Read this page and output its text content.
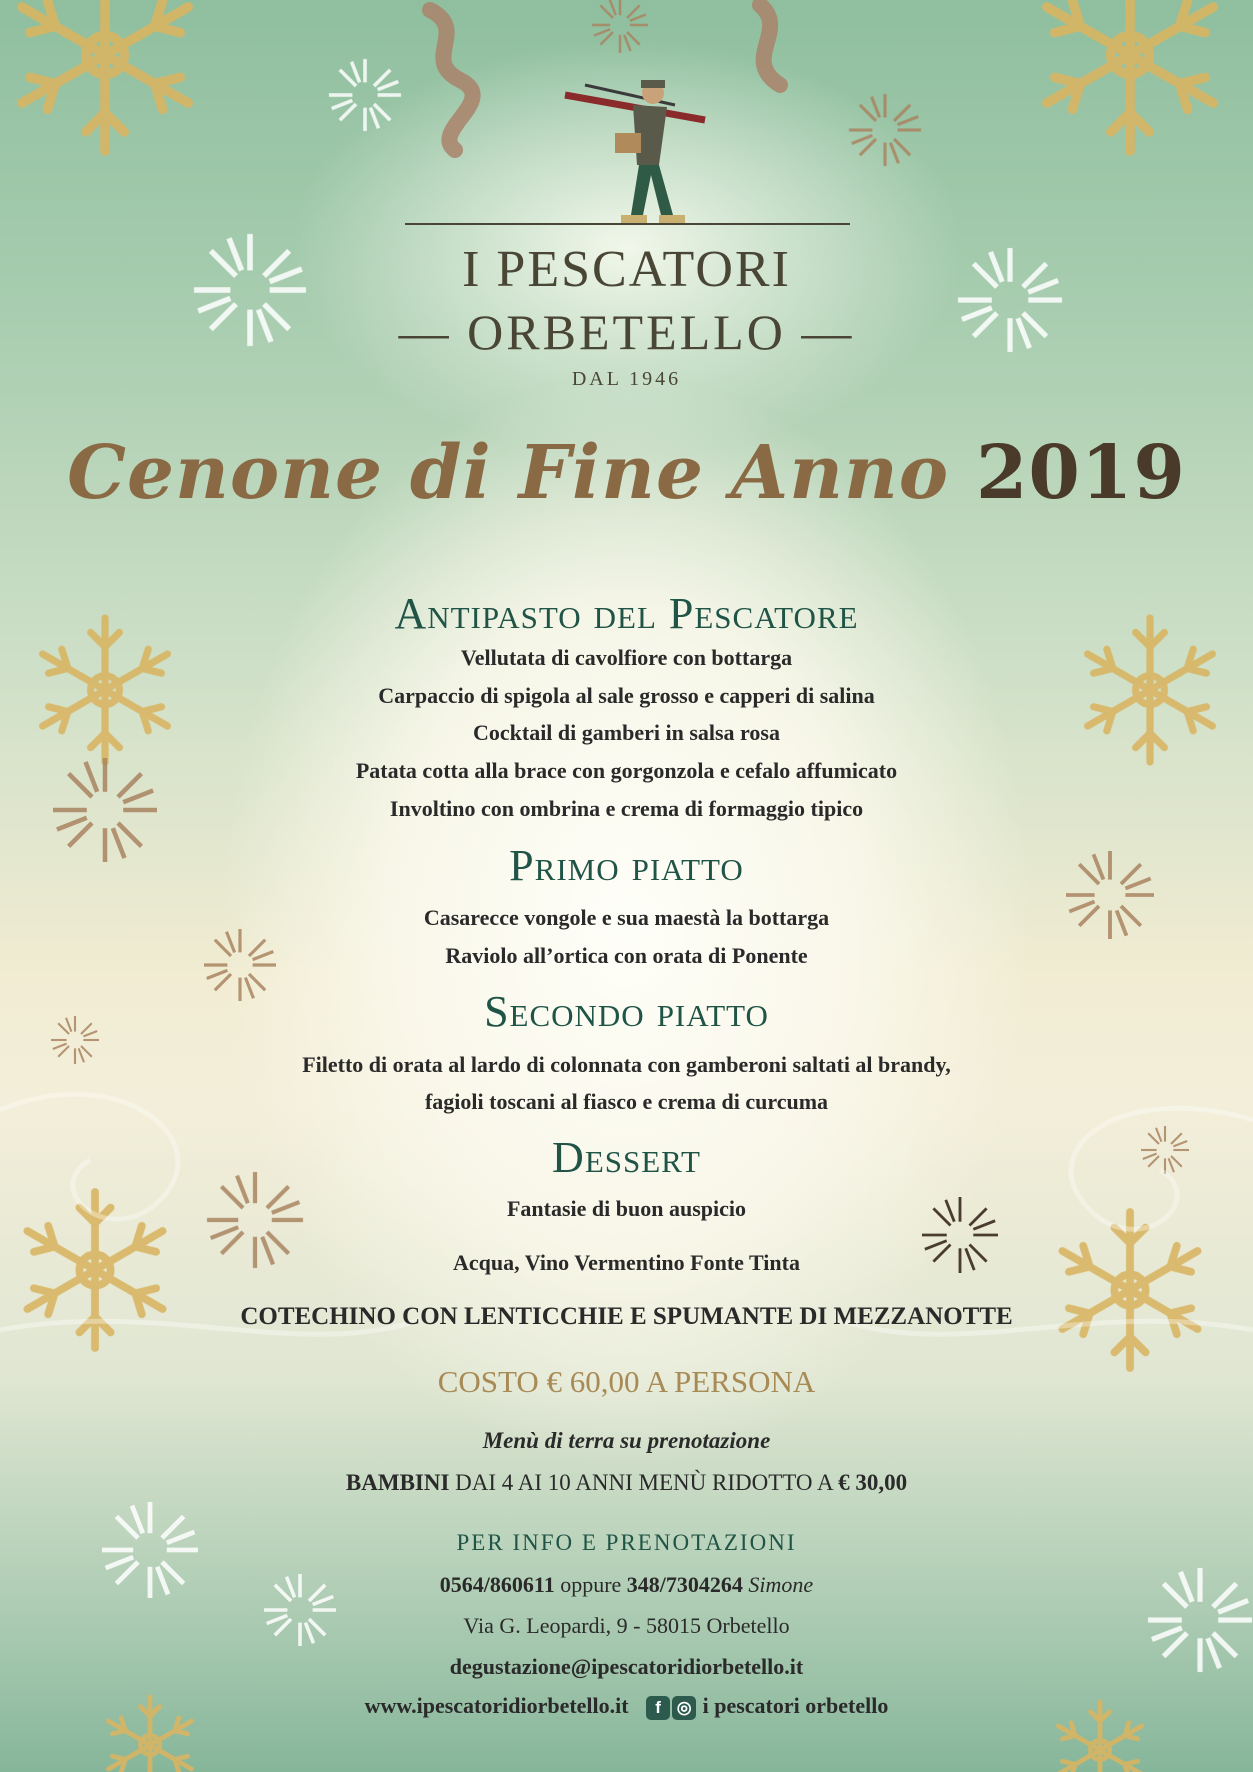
I PESCATORI
— ORBETELLO —
DAL 1946
Cenone di Fine Anno 2019
Antipasto del Pescatore
Vellutata di cavolfiore con bottarga
Carpaccio di spigola al sale grosso e capperi di salina
Cocktail di gamberi in salsa rosa
Patata cotta alla brace con gorgonzola e cefalo affumicato
Involtino con ombrina e crema di formaggio tipico
Primo piatto
Casarecce vongole e sua maestà la bottarga
Raviolo all’ortica con orata di Ponente
Secondo piatto
Filetto di orata al lardo di colonnata con gamberoni saltati al brandy,
fagioli toscani al fiasco e crema di curcuma
Dessert
Fantasie di buon auspicio
Acqua, Vino Vermentino Fonte Tinta
COTECHINO CON LENTICCHIE E SPUMANTE DI MEZZANOTTE
COSTO € 60,00 A PERSONA
Menù di terra su prenotazione
BAMBINI DAI 4 AI 10 ANNI MENÙ RIDOTTO A € 30,00
PER INFO E PRENOTAZIONI
0564/860611 oppure 348/7304264 Simone
Via G. Leopardi, 9 - 58015 Orbetello
degustazione@ipescatoridiorbetello.it
www.ipescatoridiorbetello.it f ◎ i pescatori orbetello
